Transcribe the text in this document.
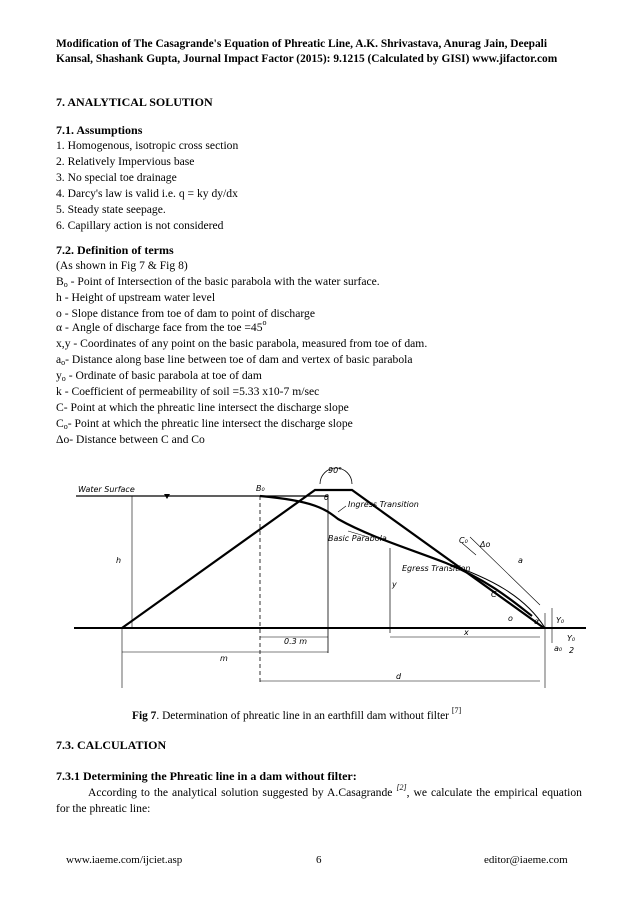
Modification of The Casagrande's Equation of Phreatic Line, A.K. Shrivastava, Anurag Jain, Deepali
Kansal, Shashank Gupta, Journal Impact Factor (2015): 9.1215 (Calculated by GISI) www.jifactor.com
7. ANALYTICAL SOLUTION
7.1. Assumptions
1. Homogenous, isotropic cross section
2. Relatively Impervious base
3. No special toe drainage
4. Darcy's law is valid i.e. q = ky dy/dx
5. Steady state seepage.
6. Capillary action is not considered
7.2. Definition of terms
(As shown in Fig 7 & Fig 8)
$B_o$ - Point of Intersection of the basic parabola with the water surface.
h - Height of upstream water level
o - Slope distance from toe of dam to point of discharge
α - Angle of discharge face from the toe $=45^o$
x,y - Coordinates of any point on the basic parabola, measured from toe of dam.
$a_o-$ Distance along base line between toe of dam and vertex of basic parabola
$y_o$ - Ordinate of basic parabola at toe of dam
k - Coefficient of permeability of soil =5.33 x10-7 m/sec
C- Point at which the phreatic line intersect the discharge slope
$C_o-$ Point at which the phreatic line intersect the discharge slope
Δo- Distance between C and Co
Water Surface	B₀
θ
90°
Ingress Transition
Basic Parabola
Egress Transition
C₀ Δo
a
C
o	α Y₀
Y₀
2
a₀
h
y
x
0.3 m
m
d
Fig 7. Determination of phreatic line in an earthfill dam without filter [7]
7.3. CALCULATION
7.3.1 Determining the Phreatic line in a dam without filter:
According to the analytical solution suggested by A.Casagrande [2], we calculate the empirical equation for the phreatic line:
www.iaeme.com/ijciet.asp	6	editor@iaeme.com
